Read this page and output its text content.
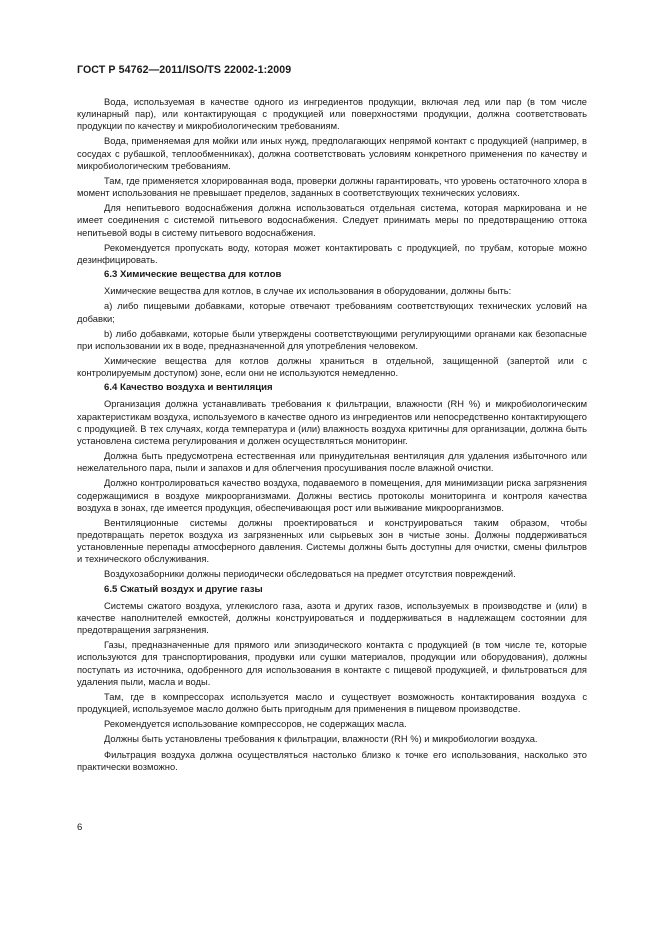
ГОСТ Р 54762—2011/ISO/TS 22002-1:2009

Вода, используемая в качестве одного из ингредиентов продукции, включая лед или пар (в том числе кулинарный пар), или контактирующая с продукцией или поверхностями продукции, должна соответствовать продукции по качеству и микробиологическим требованиям.

Вода, применяемая для мойки или иных нужд, предполагающих непрямой контакт с продукцией (например, в сосудах с рубашкой, теплообменниках), должна соответствовать условиям конкретного применения по качеству и микробиологическим требованиям.

Там, где применяется хлорированная вода, проверки должны гарантировать, что уровень остаточного хлора в момент использования не превышает пределов, заданных в соответствующих технических условиях.

Для непитьевого водоснабжения должна использоваться отдельная система, которая маркирована и не имеет соединения с системой питьевого водоснабжения. Следует принимать меры по предотвращению оттока непитьевой воды в систему питьевого водоснабжения.

Рекомендуется пропускать воду, которая может контактировать с продукцией, по трубам, которые можно дезинфицировать.

6.3 Химические вещества для котлов

Химические вещества для котлов, в случае их использования в оборудовании, должны быть:

a) либо пищевыми добавками, которые отвечают требованиям соответствующих технических условий на добавки;

b) либо добавками, которые были утверждены соответствующими регулирующими органами как безопасные при использовании их в воде, предназначенной для употребления человеком.

Химические вещества для котлов должны храниться в отдельной, защищенной (запертой или с контролируемым доступом) зоне, если они не используются немедленно.

6.4 Качество воздуха и вентиляция

Организация должна устанавливать требования к фильтрации, влажности (RH %) и микробиологическим характеристикам воздуха, используемого в качестве одного из ингредиентов или непосредственно контактирующего с продукцией. В тех случаях, когда температура и (или) влажность воздуха критичны для организации, должна быть установлена система регулирования и должен осуществляться мониторинг.

Должна быть предусмотрена естественная или принудительная вентиляция для удаления избыточного или нежелательного пара, пыли и запахов и для облегчения просушивания после влажной очистки.

Должно контролироваться качество воздуха, подаваемого в помещения, для минимизации риска загрязнения содержащимися в воздухе микроорганизмами. Должны вестись протоколы мониторинга и контроля качества воздуха в зонах, где имеется продукция, обеспечивающая рост или выживание микроорганизмов.

Вентиляционные системы должны проектироваться и конструироваться таким образом, чтобы предотвращать переток воздуха из загрязненных или сырьевых зон в чистые зоны. Должны поддерживаться установленные перепады атмосферного давления. Системы должны быть доступны для очистки, смены фильтров и технического обслуживания.

Воздухозаборники должны периодически обследоваться на предмет отсутствия повреждений.

6.5 Сжатый воздух и другие газы

Системы сжатого воздуха, углекислого газа, азота и других газов, используемых в производстве и (или) в качестве наполнителей емкостей, должны конструироваться и поддерживаться в надлежащем состоянии для предотвращения загрязнения.

Газы, предназначенные для прямого или эпизодического контакта с продукцией (в том числе те, которые используются для транспортирования, продувки или сушки материалов, продукции или оборудования), должны поступать из источника, одобренного для использования в контакте с пищевой продукцией, и фильтроваться для удаления пыли, масла и воды.

Там, где в компрессорах используется масло и существует возможность контактирования воздуха с продукцией, используемое масло должно быть пригодным для применения в пищевом производстве.

Рекомендуется использование компрессоров, не содержащих масла.

Должны быть установлены требования к фильтрации, влажности (RH %) и микробиологии воздуха.

Фильтрация воздуха должна осуществляться настолько близко к точке его использования, насколько это практически возможно.

6
